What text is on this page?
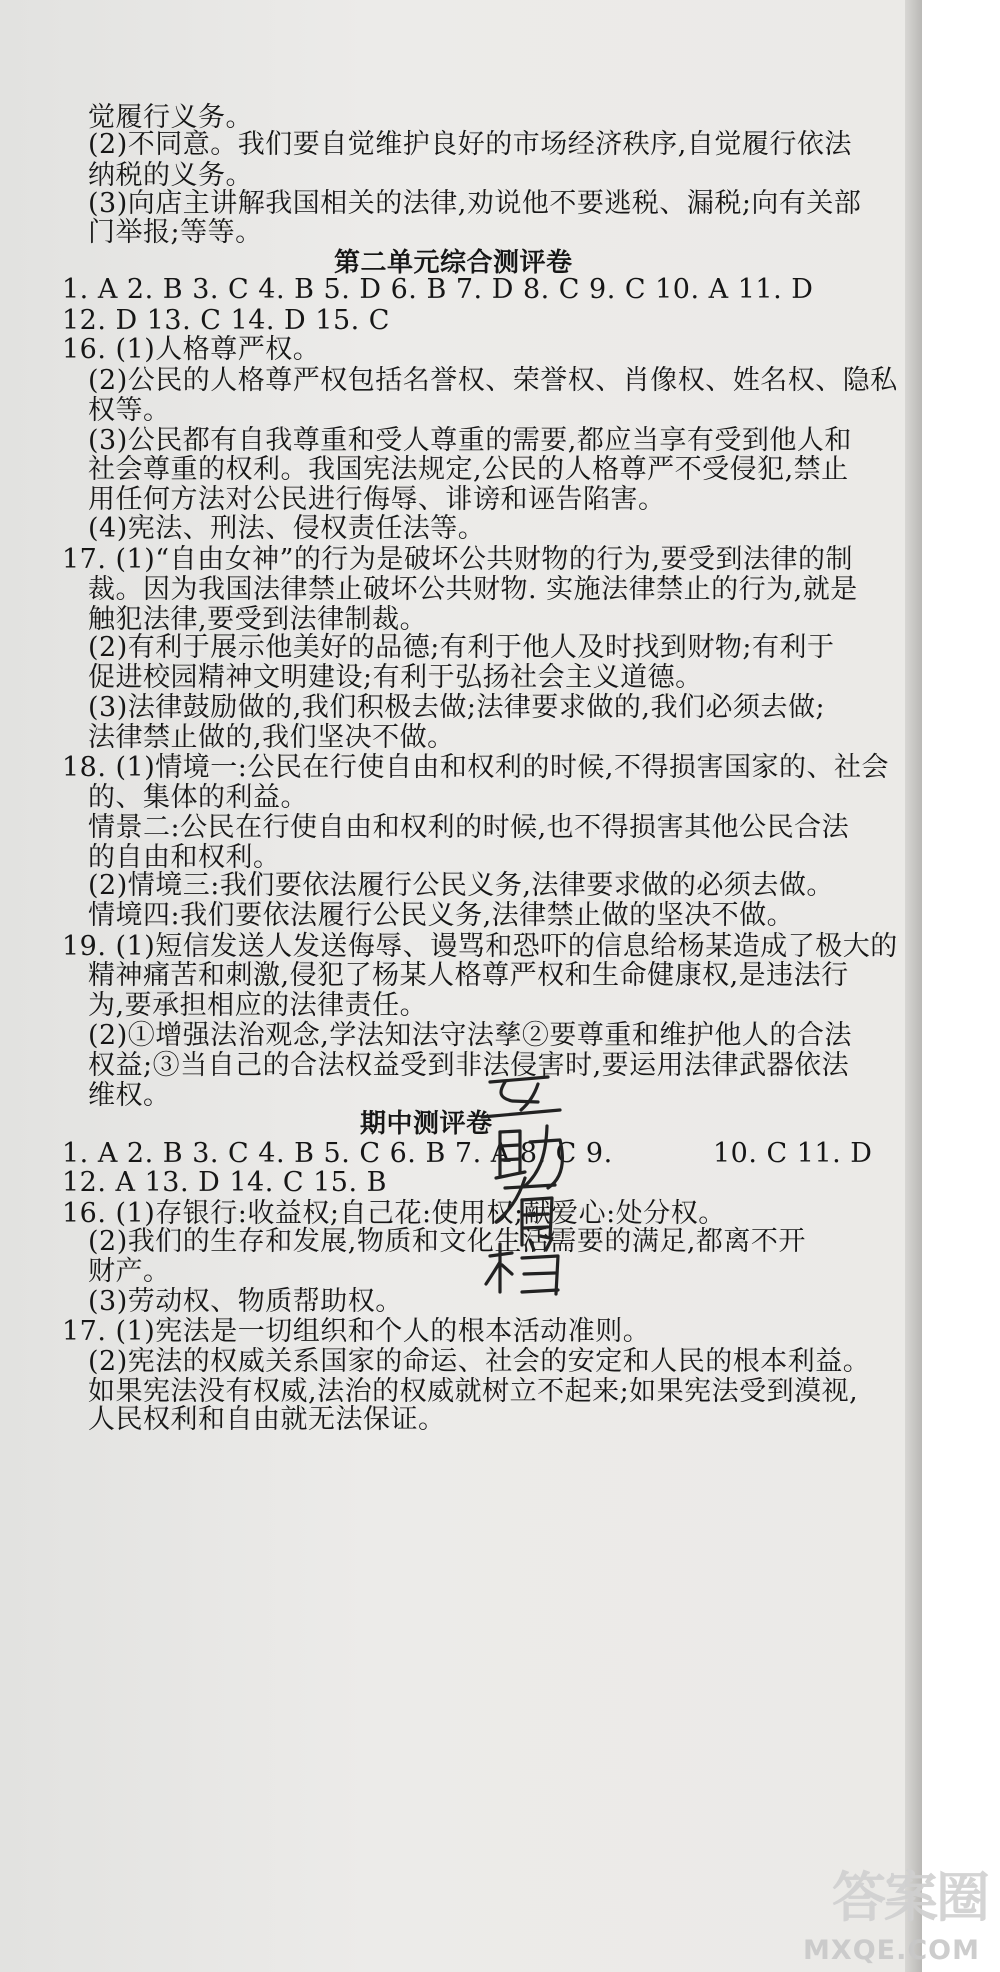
觉履行义务。
(2)不同意。我们要自觉维护良好的市场经济秩序,自觉履行依法
纳税的义务。
(3)向店主讲解我国相关的法律,劝说他不要逃税、漏税;向有关部
门举报;等等。
第二单元综合测评卷
1. A 2. B 3. C 4. B 5. D 6. B 7. D 8. C 9. C 10. A 11. D
12. D 13. C 14. D 15. C
16. (1)人格尊严权。
(2)公民的人格尊严权包括名誉权、荣誉权、肖像权、姓名权、隐私
权等。
(3)公民都有自我尊重和受人尊重的需要,都应当享有受到他人和
社会尊重的权利。我国宪法规定,公民的人格尊严不受侵犯,禁止
用任何方法对公民进行侮辱、诽谤和诬告陷害。
(4)宪法、刑法、侵权责任法等。
17. (1)“自由女神”的行为是破坏公共财物的行为,要受到法律的制
裁。因为我国法律禁止破坏公共财物. 实施法律禁止的行为,就是
触犯法律,要受到法律制裁。
(2)有利于展示他美好的品德;有利于他人及时找到财物;有利于
促进校园精神文明建设;有利于弘扬社会主义道德。
(3)法律鼓励做的,我们积极去做;法律要求做的,我们必须去做;
法律禁止做的,我们坚决不做。
18. (1)情境一:公民在行使自由和权利的时候,不得损害国家的、社会
的、集体的利益。
情景二:公民在行使自由和权利的时候,也不得损害其他公民合法
的自由和权利。
(2)情境三:我们要依法履行公民义务,法律要求做的必须去做。
情境四:我们要依法履行公民义务,法律禁止做的坚决不做。
19. (1)短信发送人发送侮辱、谩骂和恐吓的信息给杨某造成了极大的
精神痛苦和刺激,侵犯了杨某人格尊严权和生命健康权,是违法行
为,要承担相应的法律责任。
(2)①增强法治观念,学法知法守法孳②要尊重和维护他人的合法
权益;③当自己的合法权益受到非法侵害时,要运用法律武器依法
维权。
期中测评卷
1. A 2. B 3. C 4. B 5. C 6. B 7. A 8. C 9.	10. C 11. D
12. A 13. D 14. C 15. B
16. (1)存银行:收益权;自己花:使用权;献爱心:处分权。
(2)我们的生存和发展,物质和文化生活需要的满足,都离不开
财产。
(3)劳动权、物质帮助权。
17. (1)宪法是一切组织和个人的根本活动准则。
(2)宪法的权威关系国家的命运、社会的安定和人民的根本利益。
如果宪法没有权威,法治的权威就树立不起来;如果宪法受到漠视,
人民权利和自由就无法保证。
答案圈
MXQE.COM
